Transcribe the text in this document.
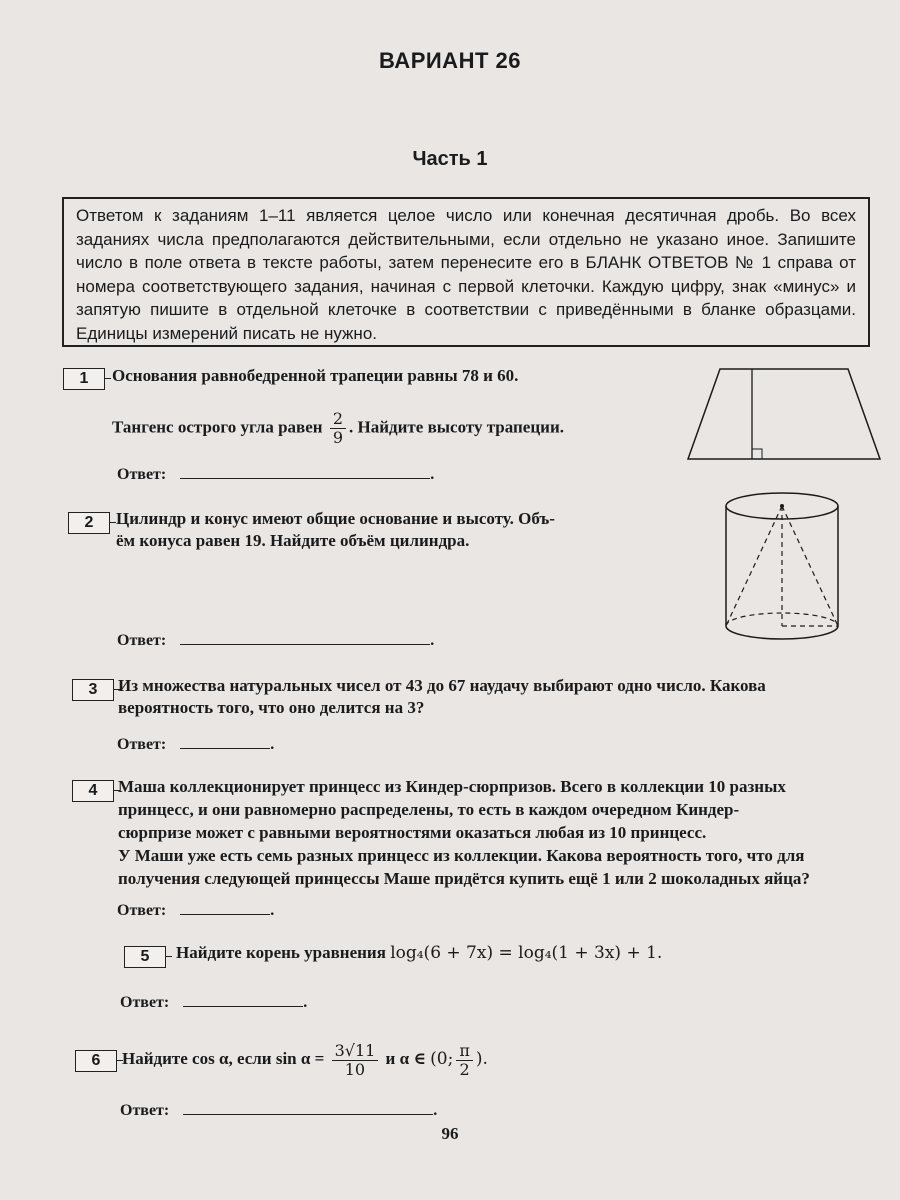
ВАРИАНТ 26
Часть 1
Ответом к заданиям 1–11 является целое число или конечная десятичная дробь. Во всех заданиях числа предполагаются действительными, если отдельно не указано иное. Запишите число в поле ответа в тексте работы, затем перенесите его в БЛАНК ОТВЕТОВ № 1 справа от номера соответствующего задания, начиная с первой клеточки. Каждую цифру, знак «минус» и запятую пишите в отдельной клеточке в соответствии с приведёнными в бланке образцами. Единицы измерений писать не нужно.
1	Основания равнобедренной трапеции равны 78 и 60.
Тангенс острого угла равен $\frac{2}{9}$ . Найдите высоту трапеции.
Ответ:	.
2	Цилиндр и конус имеют общие основание и высоту. Объ-
ём конуса равен 19. Найдите объём цилиндра.
Ответ:	.
3	Из множества натуральных чисел от 43 до 67 наудачу выбирают одно число. Какова
вероятность того, что оно делится на 3?
Ответ:	.
4	Маша коллекционирует принцесс из Киндер-сюрпризов. Всего в коллекции 10 разных
принцесс, и они равномерно распределены, то есть в каждом очередном Киндер-
сюрпризе может с равными вероятностями оказаться любая из 10 принцесс.
У Маши уже есть семь разных принцесс из коллекции. Какова вероятность того, что для
получения следующей принцессы Маше придётся купить ещё 1 или 2 шоколадных яйца?
Ответ:	.
5	Найдите корень уравнения log₄(6 + 7x) = log₄(1 + 3x) + 1.
Ответ:	.
6	Найдите cos α, если $\sin \alpha = \frac{3√11}{10}$ и α ∈ (0; $\frac{\pi}{2}$ ).
Ответ:	.
96
